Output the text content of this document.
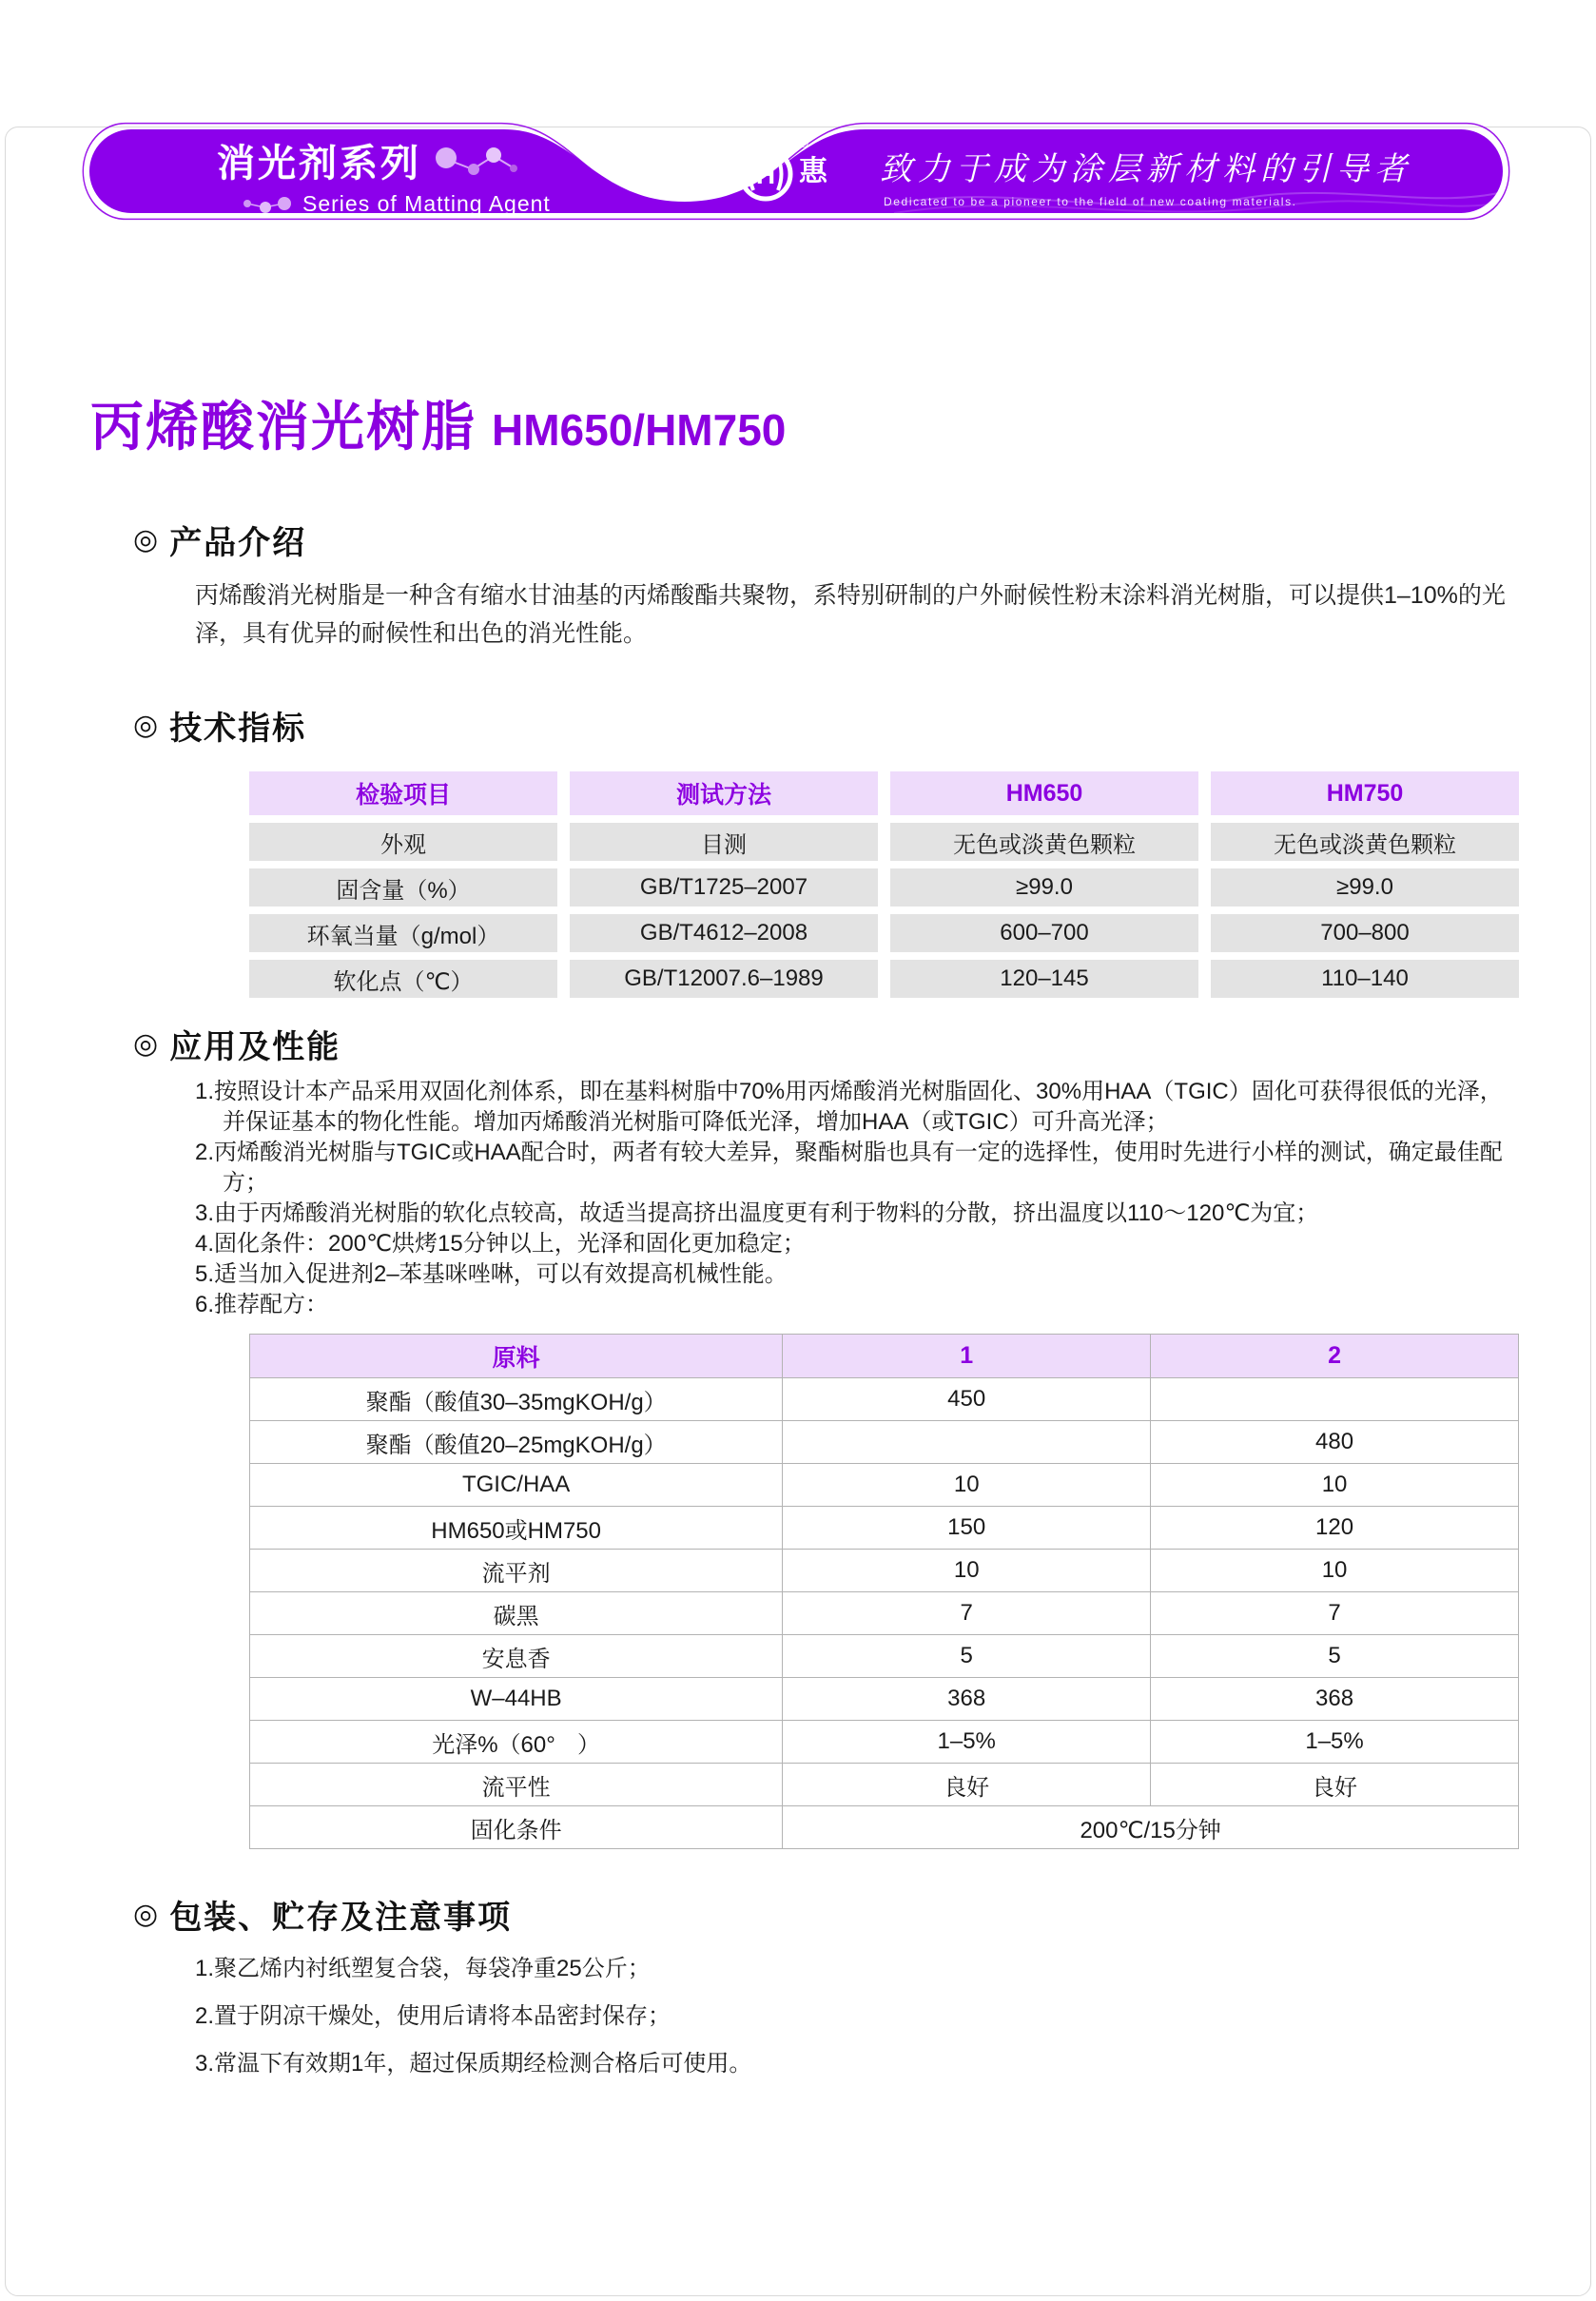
消光剂系列
Series of Matting Agent
华 H
®
惠 致力于成为涂层新材料的引导者
Dedicated to be a pioneer to the field of new coating materials.
丙烯酸消光树脂 HM650/HM750
◎ 产品介绍
丙烯酸消光树脂是一种含有缩水甘油基的丙烯酸酯共聚物，系特别研制的户外耐候性粉末涂料消光树脂，可以提供1–10%的光泽，具有优异的耐候性和出色的消光性能。
◎ 技术指标
检验项目	测试方法	HM650	HM750
外观	目测	无色或淡黄色颗粒	无色或淡黄色颗粒
固含量（%）	GB/T1725–2007	≥99.0	≥99.0
环氧当量（g/mol）	GB/T4612–2008	600–700	700–800
软化点（℃）	GB/T12007.6–1989	120–145	110–140
◎ 应用及性能
1.按照设计本产品采用双固化剂体系，即在基料树脂中70%用丙烯酸消光树脂固化、30%用HAA（TGIC）固化可获得很低的光泽，并保证基本的物化性能。增加丙烯酸消光树脂可降低光泽，增加HAA（或TGIC）可升高光泽；
2.丙烯酸消光树脂与TGIC或HAA配合时，两者有较大差异，聚酯树脂也具有一定的选择性，使用时先进行小样的测试，确定最佳配方；
3.由于丙烯酸消光树脂的软化点较高，故适当提高挤出温度更有利于物料的分散，挤出温度以110～120℃为宜；
4.固化条件：200℃烘烤15分钟以上，光泽和固化更加稳定；
5.适当加入促进剂2–苯基咪唑啉，可以有效提高机械性能。
6.推荐配方：
原料	1	2
聚酯（酸值30–35mgKOH/g）	450	
聚酯（酸值20–25mgKOH/g）		480
TGIC/HAA	10	10
HM650或HM750	150	120
流平剂	10	10
碳黑	7	7
安息香	5	5
W–44HB	368	368
光泽%（60°ㅤ）	1–5%	1–5%
流平性	良好	良好
固化条件	200℃/15分钟	
◎ 包装、贮存及注意事项
1.聚乙烯内衬纸塑复合袋，每袋净重25公斤；
2.置于阴凉干燥处，使用后请将本品密封保存；
3.常温下有效期1年，超过保质期经检测合格后可使用。
